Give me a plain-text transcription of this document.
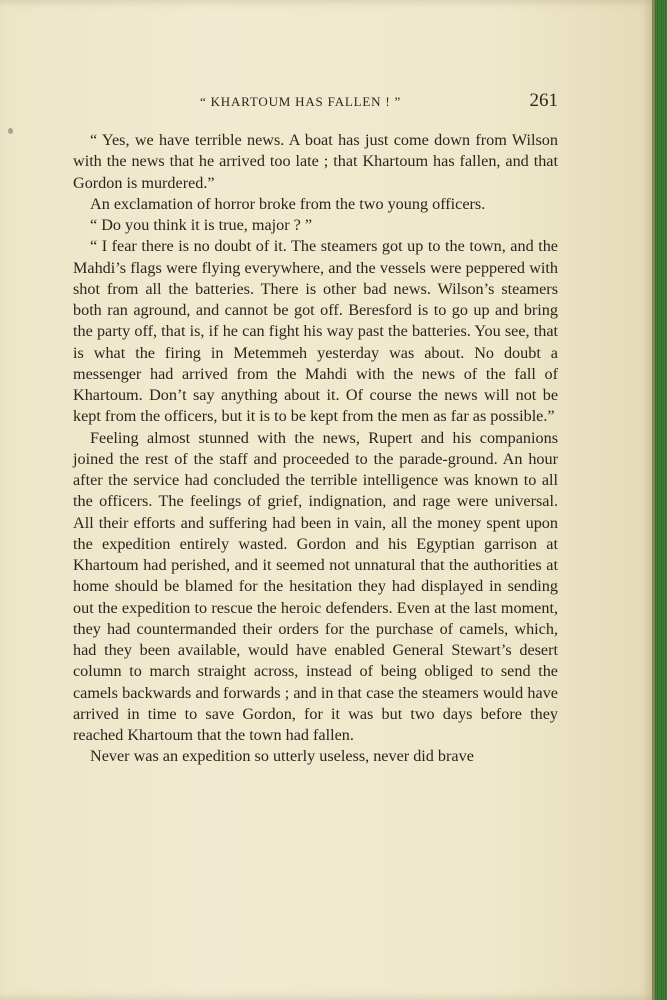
“ KHARTOUM HAS FALLEN ! ”	261

“ Yes, we have terrible news. A boat has just come down from Wilson with the news that he arrived too late ; that Khartoum has fallen, and that Gordon is murdered.”

An exclamation of horror broke from the two young officers.

“ Do you think it is true, major ? ”

“ I fear there is no doubt of it. The steamers got up to the town, and the Mahdi’s flags were flying everywhere, and the vessels were peppered with shot from all the batteries. There is other bad news. Wilson’s steamers both ran aground, and cannot be got off. Beresford is to go up and bring the party off, that is, if he can fight his way past the batteries. You see, that is what the firing in Metemmeh yesterday was about. No doubt a messenger had arrived from the Mahdi with the news of the fall of Khartoum. Don’t say anything about it. Of course the news will not be kept from the officers, but it is to be kept from the men as far as possible.”

Feeling almost stunned with the news, Rupert and his companions joined the rest of the staff and proceeded to the parade-ground. An hour after the service had concluded the terrible intelligence was known to all the officers. The feelings of grief, indignation, and rage were universal. All their efforts and suffering had been in vain, all the money spent upon the expedition entirely wasted. Gordon and his Egyptian garrison at Khartoum had perished, and it seemed not unnatural that the authorities at home should be blamed for the hesitation they had displayed in sending out the expedition to rescue the heroic defenders. Even at the last moment, they had countermanded their orders for the purchase of camels, which, had they been available, would have enabled General Stewart’s desert column to march straight across, instead of being obliged to send the camels backwards and forwards ; and in that case the steamers would have arrived in time to save Gordon, for it was but two days before they reached Khartoum that the town had fallen.

Never was an expedition so utterly useless, never did brave
